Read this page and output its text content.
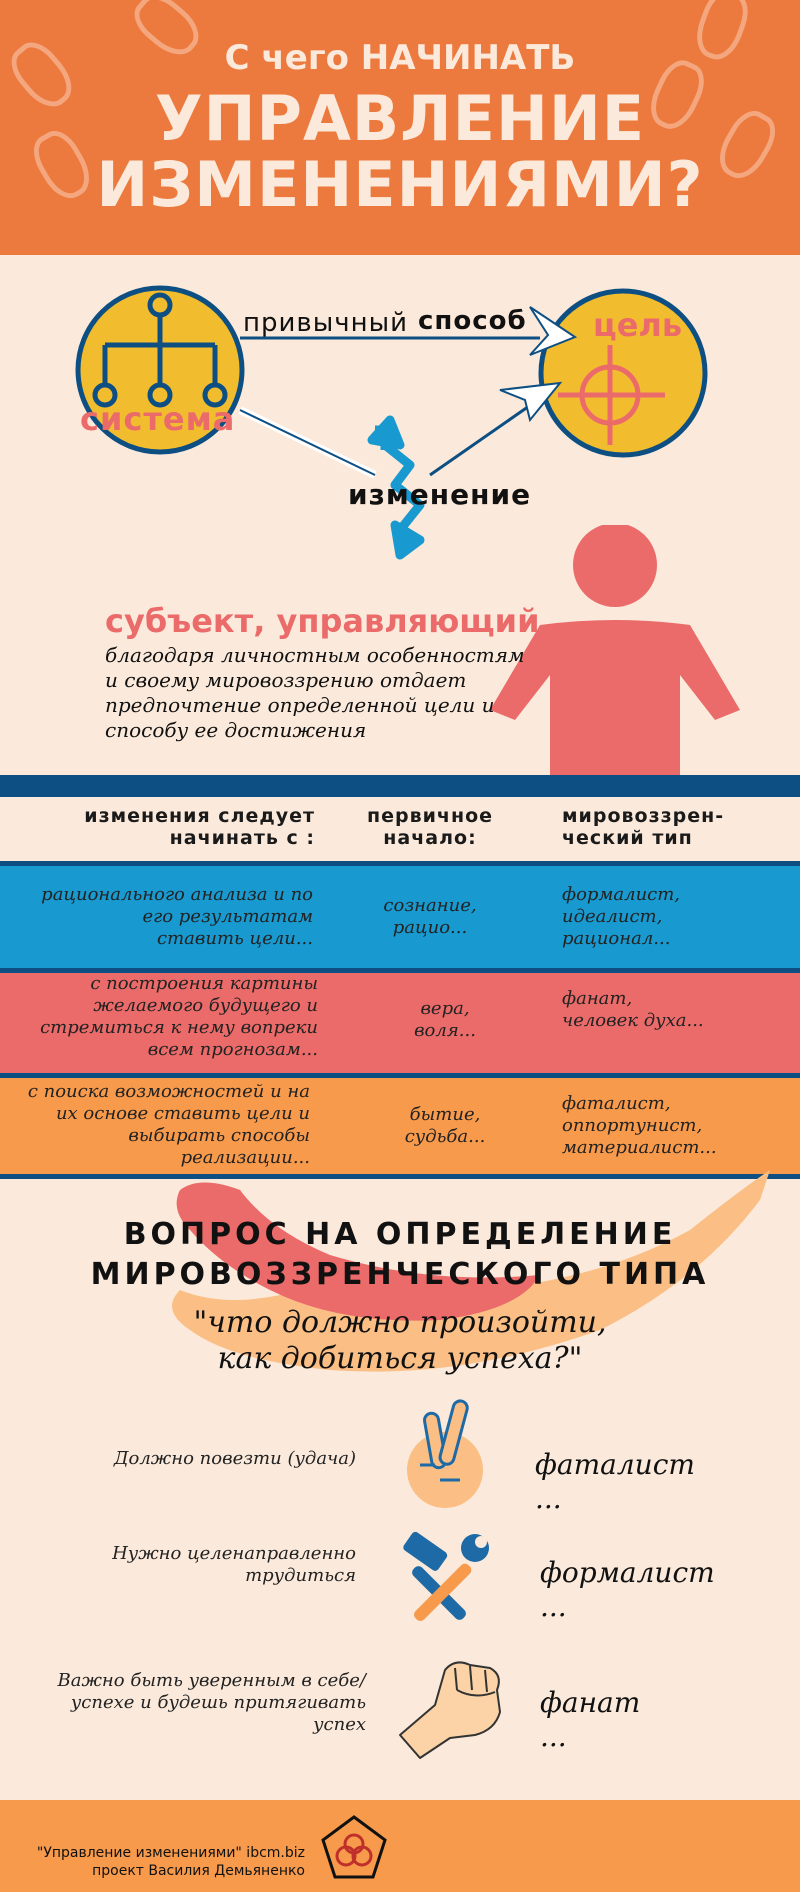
С чего НАЧИНАТЬ
УПРАВЛЕНИЕ
ИЗМЕНЕНИЯМИ?
привычный способ цель
система
изменение
субъект, управляющий
благодаря личностным особенностям
и своему мировоззрению отдает
предпочтение определенной цели и
способу ее достижения
изменения следует
начинать с :
первичное
начало:
мировоззрен-
ческий тип
рационального анализа и по
его результатам
ставить цели...
сознание,
рацио...
формалист,
идеалист,
рационал...
с построения картины
желаемого будущего и
стремиться к нему вопреки
всем прогнозам...
вера,
воля...
фанат,
человек духа...
с поиска возможностей и на
их основе ставить цели и
выбирать способы
реализации...
бытие,
судьба...
фаталист,
оппортунист,
материалист...
ВОПРОС НА ОПРЕДЕЛЕНИЕ
МИРОВОЗЗРЕНЧЕСКОГО ТИПА
"что должно произойти,
как добиться успеха?"
Должно повезти (удача)	фаталист
...
Нужно целенаправленно
трудиться	формалист
...
Важно быть уверенным в себе/
успехе и будешь притягивать
успех
фанат
...
"Управление изменениями" ibcm.biz
проект Василия Демьяненко
